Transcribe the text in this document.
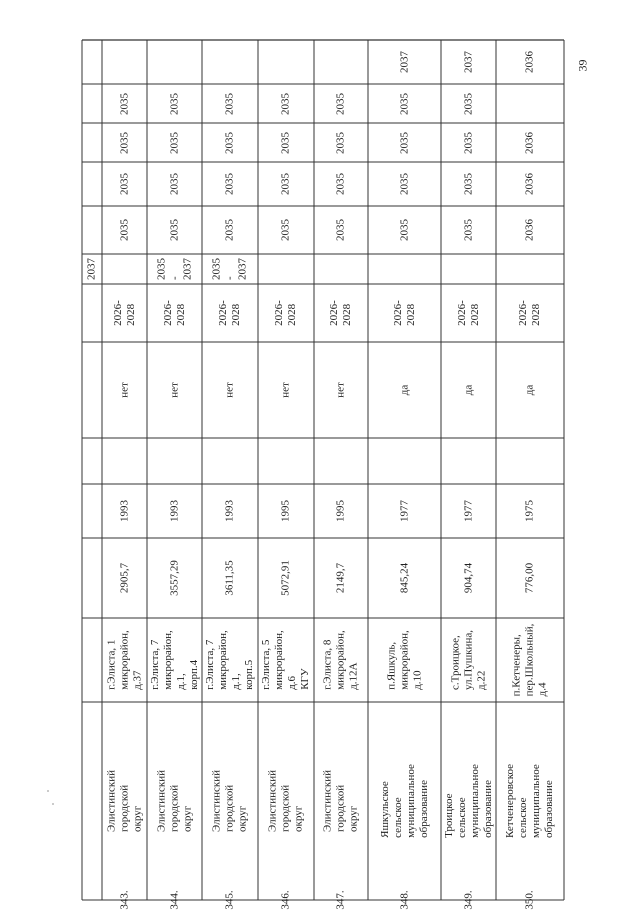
2035
2035
2035
2035
2026-
2028
нет
1993
2905,7
г.Элиста, 1
микрорайон, д.37
Элистинский
городской округ
343.
2035
2035
2035
2035
2035
-
2037
2026-
2028
нет
1993
3557,29
г.Элиста, 7
микрорайон, д.1,
корп.4
Элистинский
городской округ
344.
2035
2035
2035
2035
2035
-
2037
2026-
2028
нет
1993
3611,35
г.Элиста, 7
микрорайон, д.1,
корп.5
Элистинский
городской округ
345.
2035
2035
2035
2035
2026-
2028
нет
1995
5072,91
г.Элиста, 5
микрорайон, д.6
КГУ
Элистинский
городской округ
346.
2035
2035
2035
2035
2026-
2028
нет
1995
2149,7
г.Элиста, 8
микрорайон,
д.12А
Элистинский
городской округ
347.
2037
2035
2035
2035
2035
2026-
2028
да
1977
845,24
п.Яшкуль,
микрорайон, д.10
Яшкульское
сельское
муниципальное
образование
348.
2037
2035
2035
2035
2035
2026-
2028
да
1977
904,74
с.Троицкое,
ул.Пушкина, д.22
Троицкое сельское
муниципальное
образование
349.
2036
2036
2036
2036
2026-
2028
да
1975
776,00
п.Кетченеры,
пер.Школьный,
д.4
Кетченеровское
сельское
муниципальное
образование
350.
2037
39
